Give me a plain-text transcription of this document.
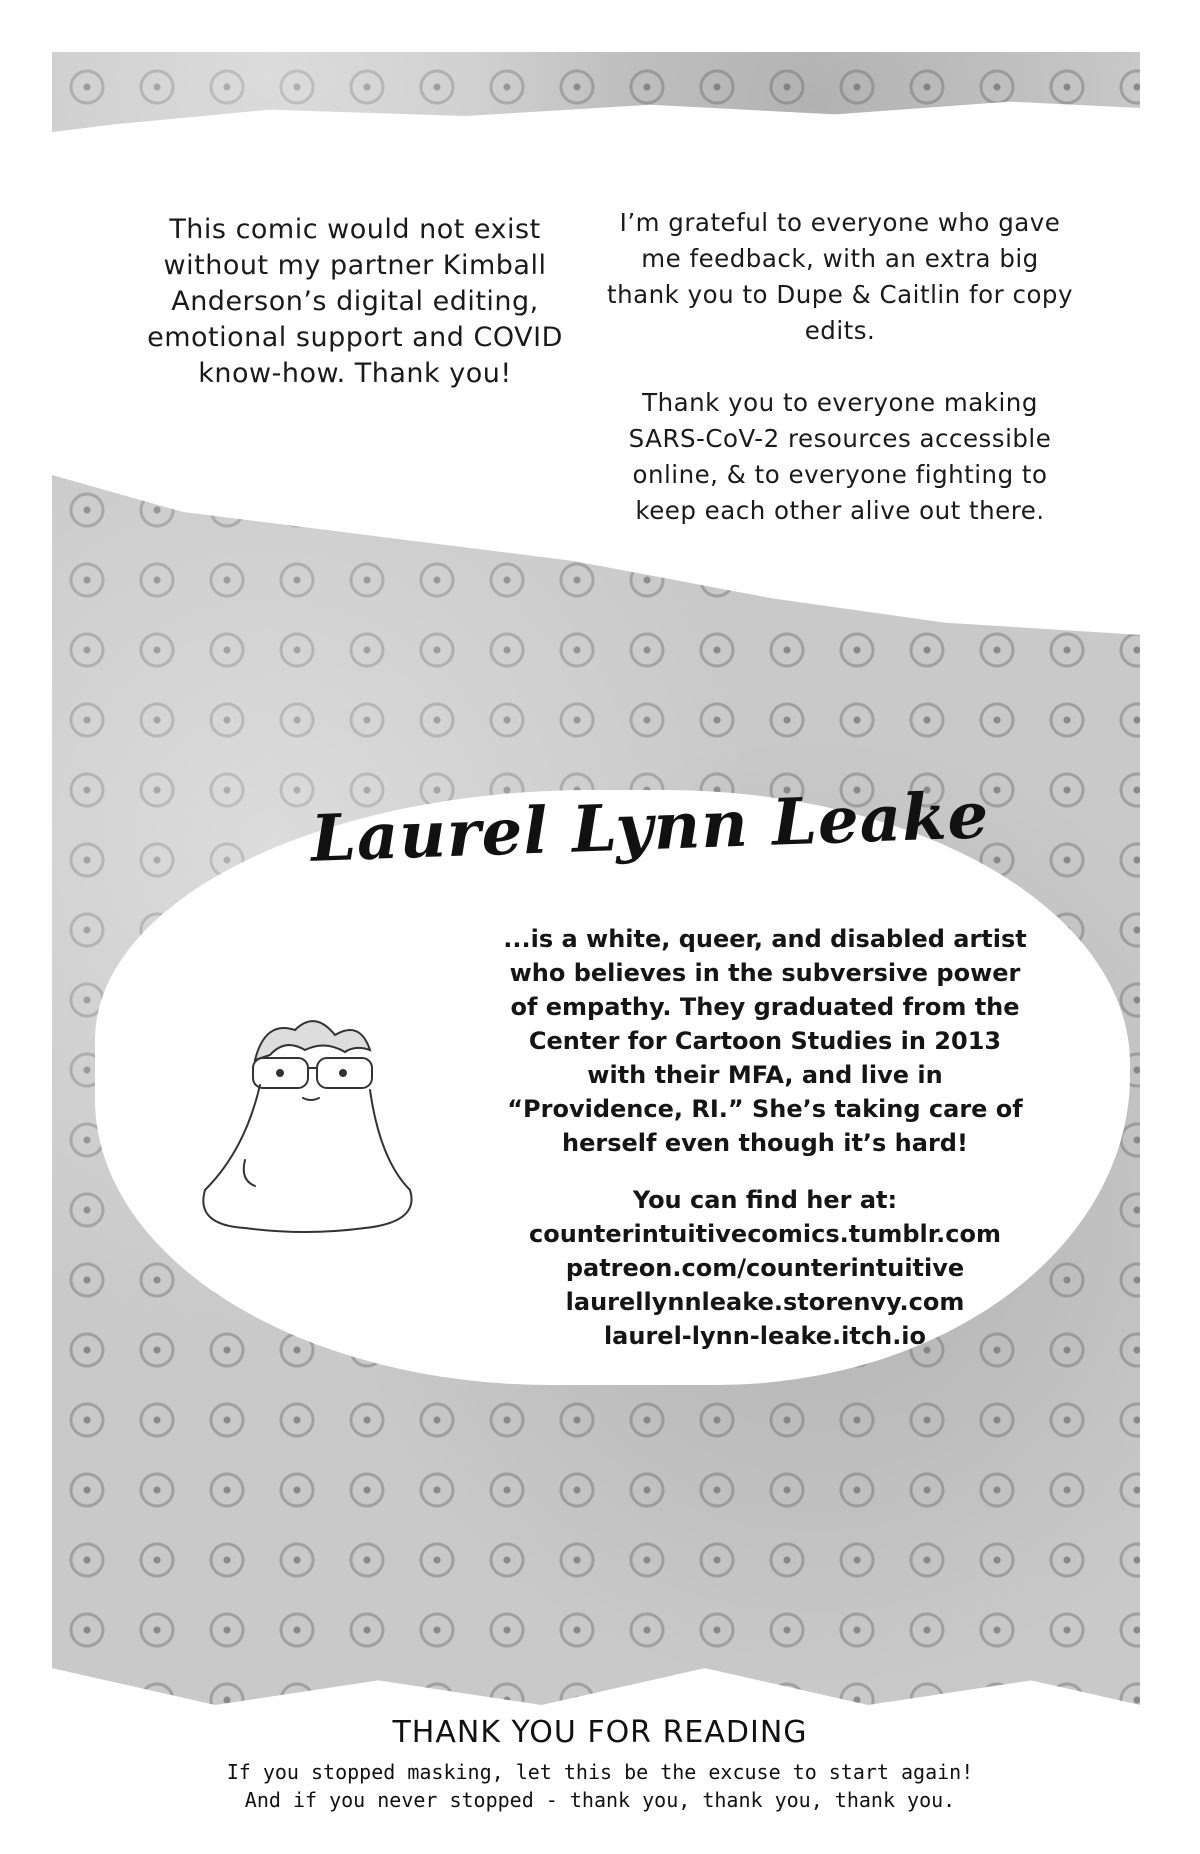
This comic would not exist without my partner Kimball Anderson’s digital editing, emotional support and COVID know-how. Thank you!

I’m grateful to everyone who gave me feedback, with an extra big thank you to Dupe & Caitlin for copy edits.

Thank you to everyone making SARS-CoV-2 resources accessible online, & to everyone fighting to keep each other alive out there.

Laurel Lynn Leake
...is a white, queer, and disabled artist who believes in the subversive power of empathy. They graduated from the Center for Cartoon Studies in 2013 with their MFA, and live in “Providence, RI.” She’s taking care of herself even though it’s hard!
You can find her at:
counterintuitivecomics.tumblr.com
patreon.com/counterintuitive
laurellynnleake.storenvy.com
laurel-lynn-leake.itch.io
THANK YOU FOR READING
If you stopped masking, let this be the excuse to start again!
And if you never stopped - thank you, thank you, thank you.
